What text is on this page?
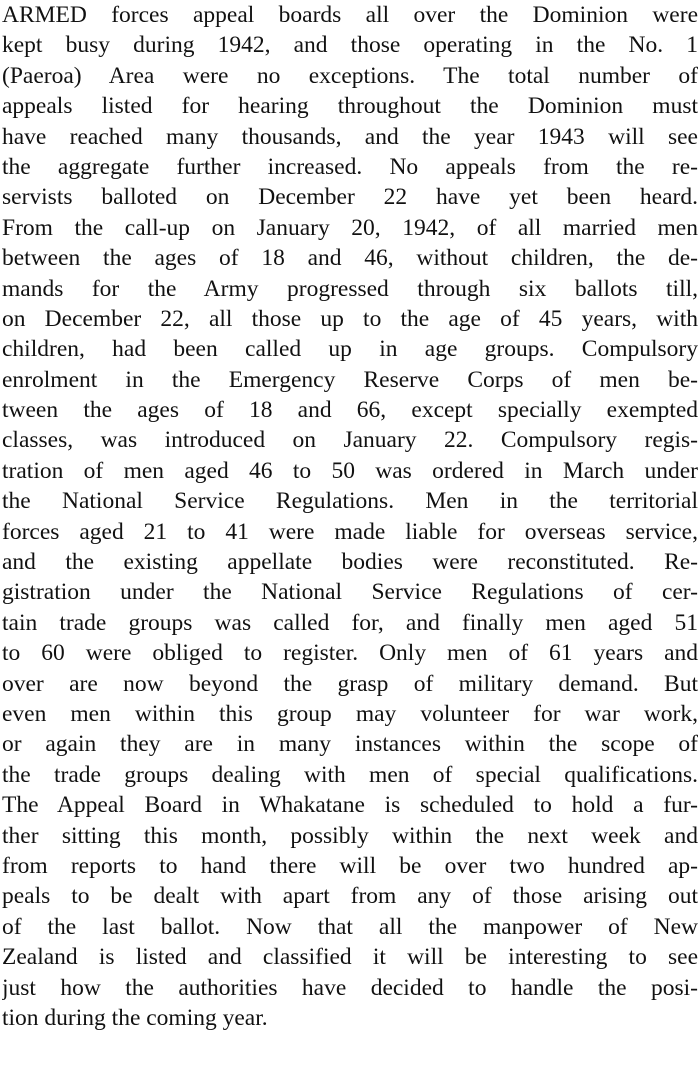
ARMED forces appeal boards all over the Dominion were
kept busy during 1942, and those operating in the No. 1
(Paeroa) Area were no exceptions. The total number of
appeals listed for hearing throughout the Dominion must
have reached many thousands, and the year 1943 will see
the aggregate further increased. No appeals from the re-
servists balloted on December 22 have yet been heard.
From the call-up on January 20, 1942, of all married men
between the ages of 18 and 46, without children, the de-
mands for the Army progressed through six ballots till,
on December 22, all those up to the age of 45 years, with
children, had been called up in age groups. Compulsory
enrolment in the Emergency Reserve Corps of men be-
tween the ages of 18 and 66, except specially exempted
classes, was introduced on January 22. Compulsory regis-
tration of men aged 46 to 50 was ordered in March under
the National Service Regulations. Men in the territorial
forces aged 21 to 41 were made liable for overseas service,
and the existing appellate bodies were reconstituted. Re-
gistration under the National Service Regulations of cer-
tain trade groups was called for, and finally men aged 51
to 60 were obliged to register. Only men of 61 years and
over are now beyond the grasp of military demand. But
even men within this group may volunteer for war work,
or again they are in many instances within the scope of
the trade groups dealing with men of special qualifications.
The Appeal Board in Whakatane is scheduled to hold a fur-
ther sitting this month, possibly within the next week and
from reports to hand there will be over two hundred ap-
peals to be dealt with apart from any of those arising out
of the last ballot. Now that all the manpower of New
Zealand is listed and classified it will be interesting to see
just how the authorities have decided to handle the posi-
tion during the coming year.
